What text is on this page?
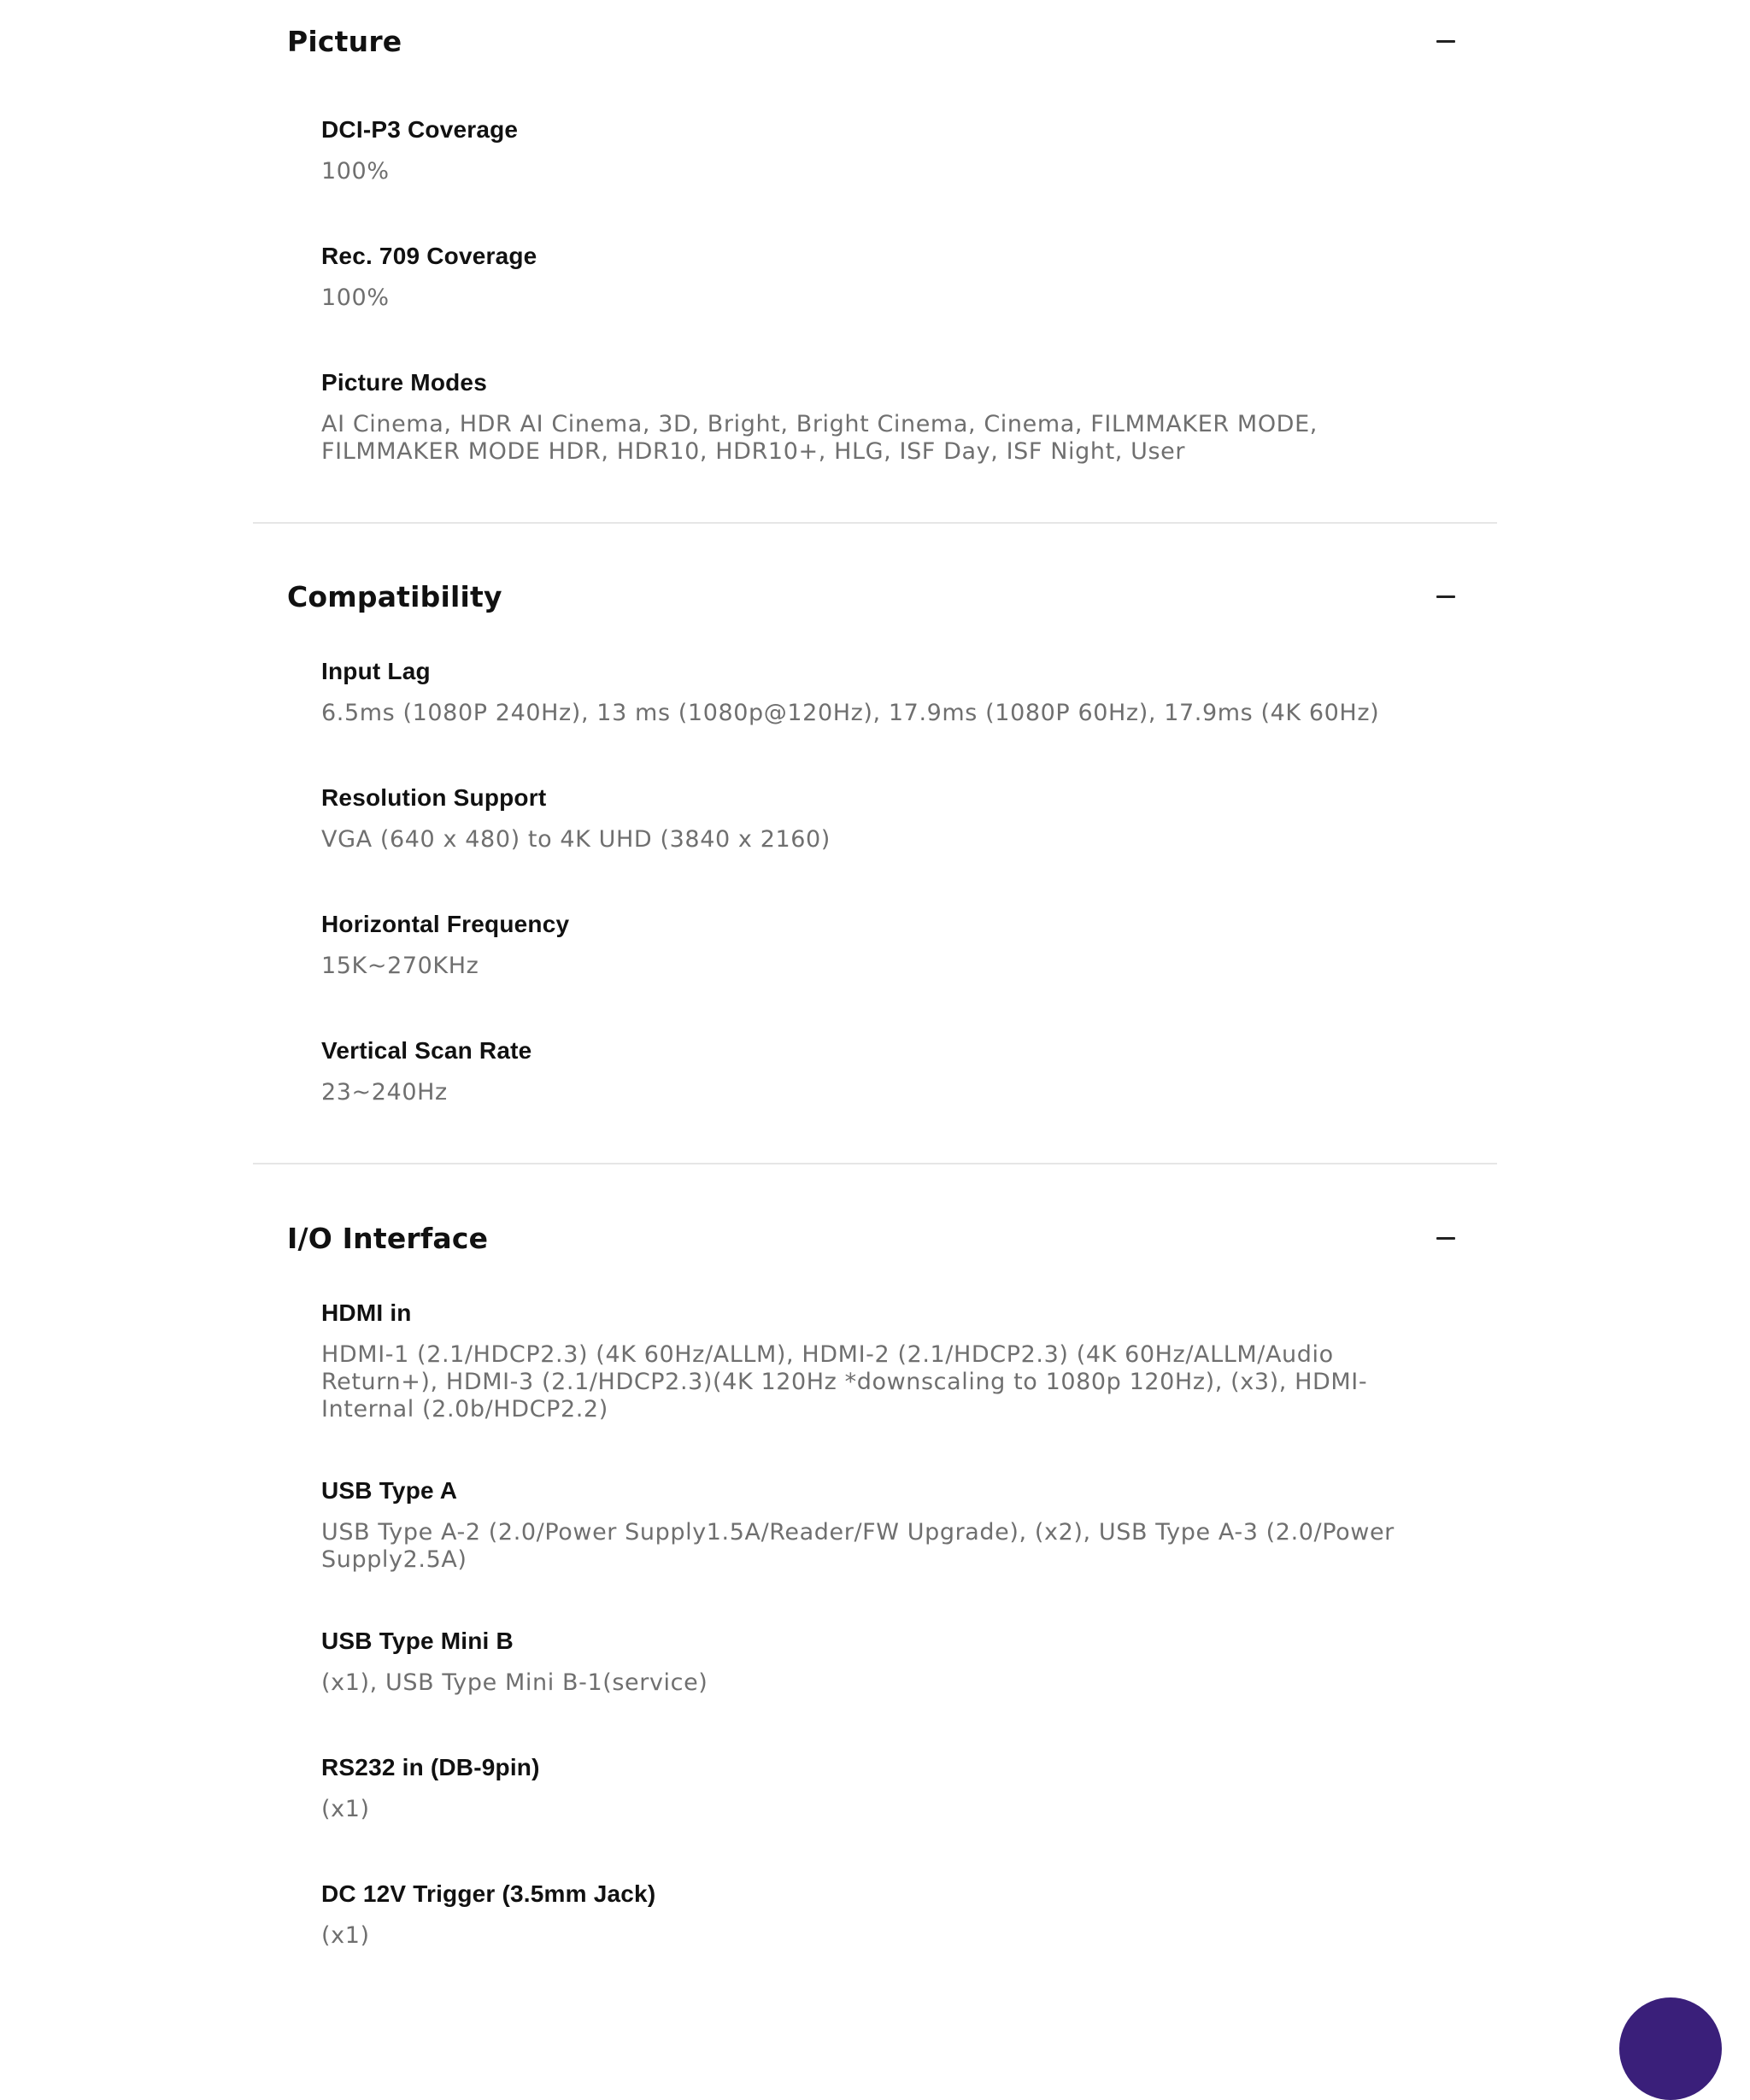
Picture
DCI-P3 Coverage
100%
Rec. 709 Coverage
100%
Picture Modes
AI Cinema, HDR AI Cinema, 3D, Bright, Bright Cinema, Cinema, FILMMAKER MODE, FILMMAKER MODE HDR, HDR10, HDR10+, HLG, ISF Day, ISF Night, User
Compatibility
Input Lag
6.5ms (1080P 240Hz), 13 ms (1080p@120Hz), 17.9ms (1080P 60Hz), 17.9ms (4K 60Hz)
Resolution Support
VGA (640 x 480) to 4K UHD (3840 x 2160)
Horizontal Frequency
15K~270KHz
Vertical Scan Rate
23~240Hz
I/O Interface
HDMI in
HDMI-1 (2.1/HDCP2.3) (4K 60Hz/ALLM), HDMI-2 (2.1/HDCP2.3) (4K 60Hz/ALLM/Audio Return+), HDMI-3 (2.1/HDCP2.3)(4K 120Hz *downscaling to 1080p 120Hz), (x3), HDMI-Internal (2.0b/HDCP2.2)
USB Type A
USB Type A-2 (2.0/Power Supply1.5A/Reader/FW Upgrade), (x2), USB Type A-3 (2.0/Power Supply2.5A)
USB Type Mini B
(x1), USB Type Mini B-1(service)
RS232 in (DB-9pin)
(x1)
DC 12V Trigger (3.5mm Jack)
(x1)
